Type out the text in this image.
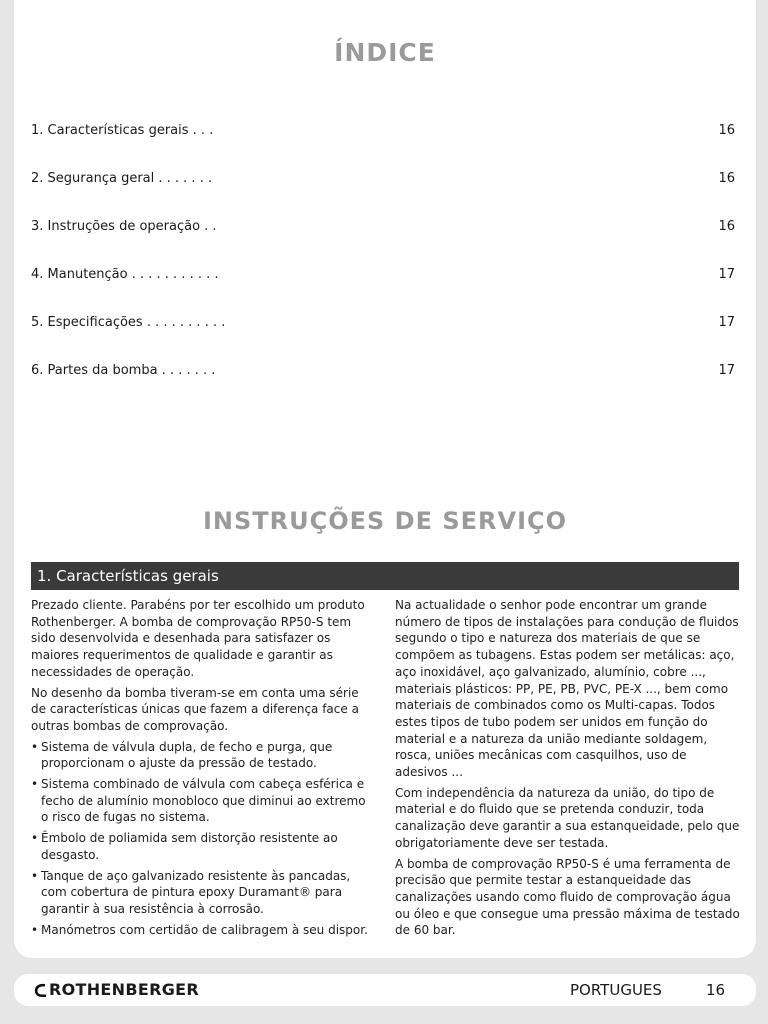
ÍNDICE
1. Características gerais . . .	16
2. Segurança geral . . . . . . .	16
3. Instruções de operação . .	16
4. Manutenção . . . . . . . . . . .	17
5. Especificações . . . . . . . . . .	17
6. Partes da bomba . . . . . . .	17
INSTRUÇÕES DE SERVIÇO
1. Características gerais

Prezado cliente. Parabéns por ter escolhido um produto Rothenberger. A bomba de comprovação RP50-S tem sido desenvolvida e desenhada para satisfazer os maiores requerimentos de qualidade e garantir as necessidades de operação.

No desenho da bomba tiveram-se em conta uma série de características únicas que fazem a diferença face a outras bombas de comprovação.

• Sistema de válvula dupla, de fecho e purga, que proporcionam o ajuste da pressão de testado.
• Sistema combinado de válvula com cabeça esférica e fecho de alumínio monobloco que diminui ao extremo o risco de fugas no sistema.
• Êmbolo de poliamida sem distorção resistente ao desgasto.
• Tanque de aço galvanizado resistente às pancadas, com cobertura de pintura epoxy Duramant® para garantir à sua resistência à corrosão.
• Manómetros com certidão de calibragem à seu dispor.

Na actualidade o senhor pode encontrar um grande número de tipos de instalações para condução de fluidos segundo o tipo e natureza dos materiais de que se compõem as tubagens. Estas podem ser metálicas: aço, aço inoxidável, aço galvanizado, alumínio, cobre ..., materiais plásticos: PP, PE, PB, PVC, PE-X ..., bem como materiais de combinados como os Multi-capas. Todos estes tipos de tubo podem ser unidos em função do material e a natureza da união mediante soldagem, rosca, uniões mecânicas com casquilhos, uso de adesivos ...

Com independência da natureza da união, do tipo de material e do fluido que se pretenda conduzir, toda canalização deve garantir a sua estanqueidade, pelo que obrigatoriamente deve ser testada.

A bomba de comprovação RP50-S é uma ferramenta de precisão que permite testar a estanqueidade das canalizações usando como fluido de comprovação água ou óleo e que consegue uma pressão máxima de testado de 60 bar.

ROTHENBERGER	PORTUGUES	16
